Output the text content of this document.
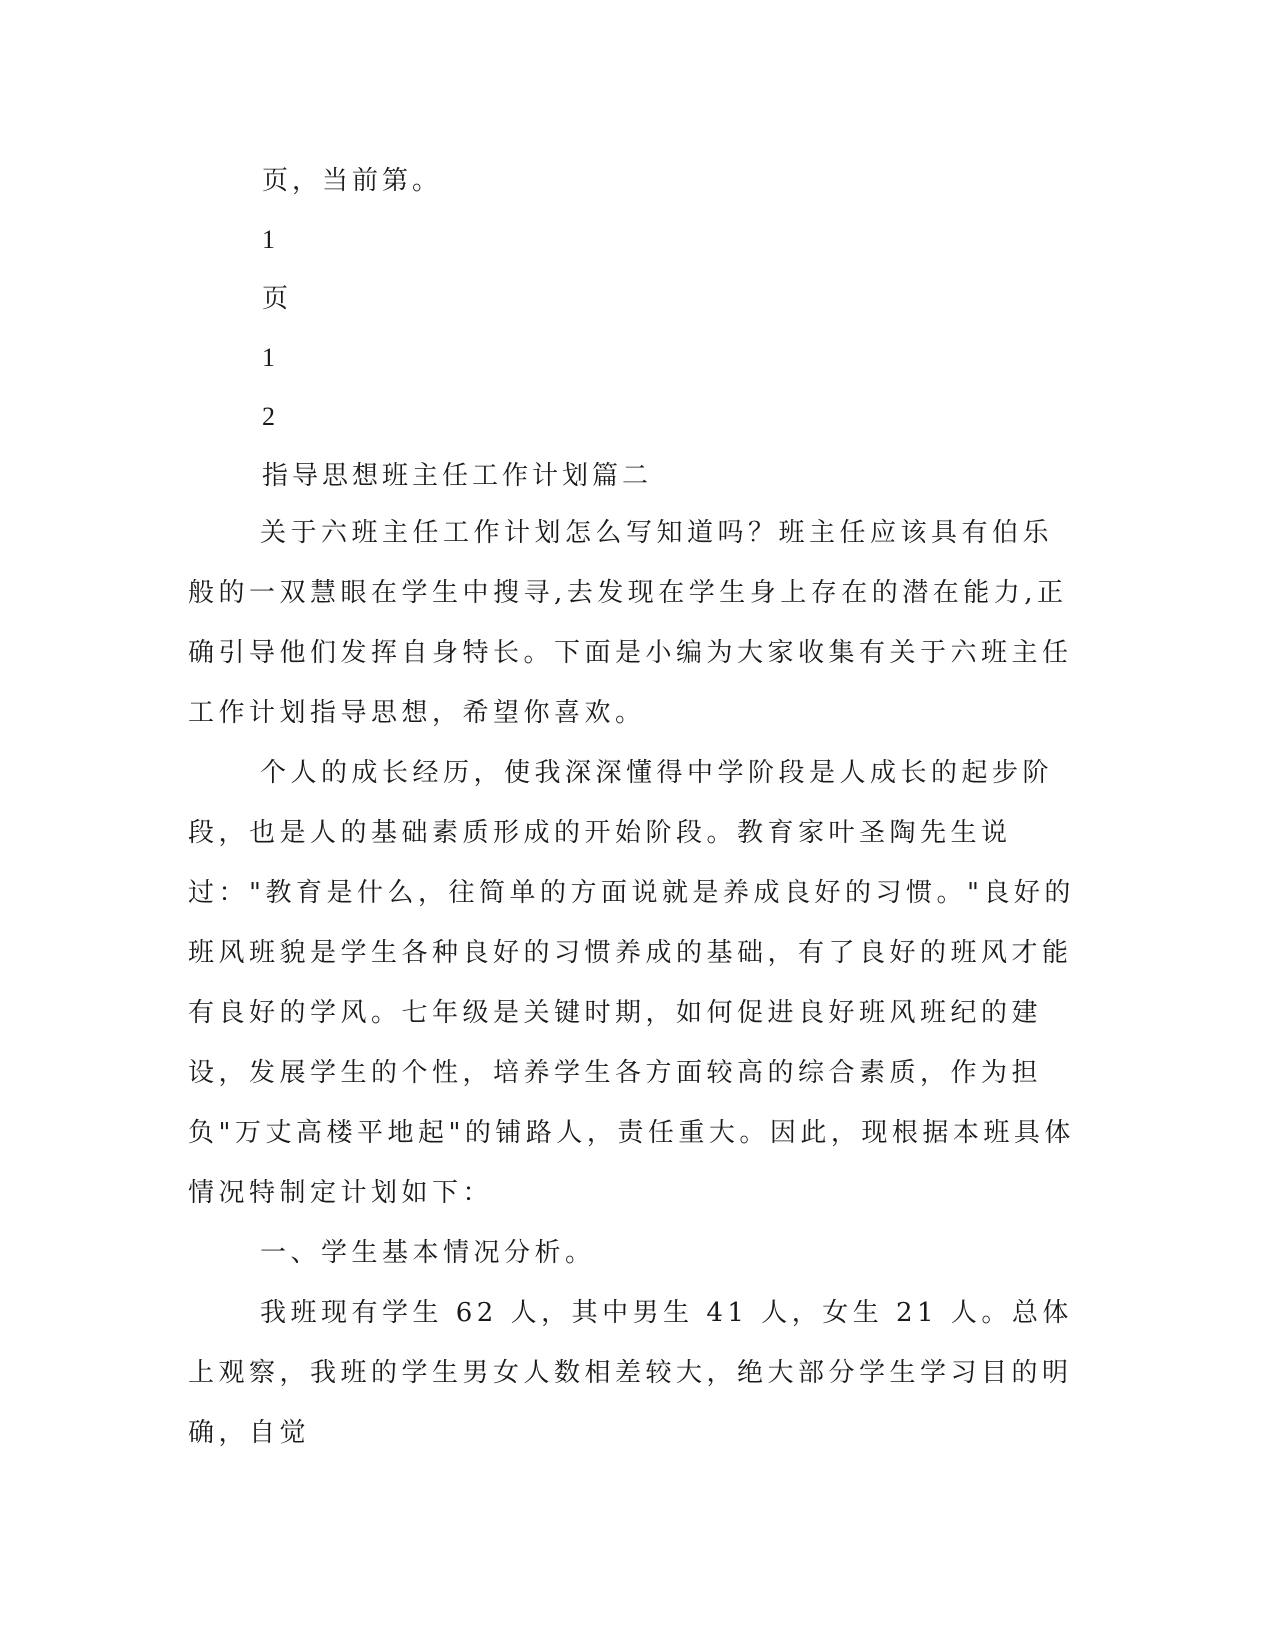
页，当前第。
1
页
1
2
指导思想班主任工作计划篇二

关于六班主任工作计划怎么写知道吗？班主任应该具有伯乐般的一双慧眼在学生中搜寻,去发现在学生身上存在的潜在能力,正确引导他们发挥自身特长。下面是小编为大家收集有关于六班主任工作计划指导思想，希望你喜欢。

个人的成长经历，使我深深懂得中学阶段是人成长的起步阶段，也是人的基础素质形成的开始阶段。教育家叶圣陶先生说过："教育是什么，往简单的方面说就是养成良好的习惯。"良好的班风班貌是学生各种良好的习惯养成的基础，有了良好的班风才能有良好的学风。七年级是关键时期，如何促进良好班风班纪的建设，发展学生的个性，培养学生各方面较高的综合素质，作为担负"万丈高楼平地起"的铺路人，责任重大。因此，现根据本班具体情况特制定计划如下：

一、学生基本情况分析。

我班现有学生 62 人，其中男生 41 人，女生 21 人。总体上观察，我班的学生男女人数相差较大，绝大部分学生学习目的明确，自觉
